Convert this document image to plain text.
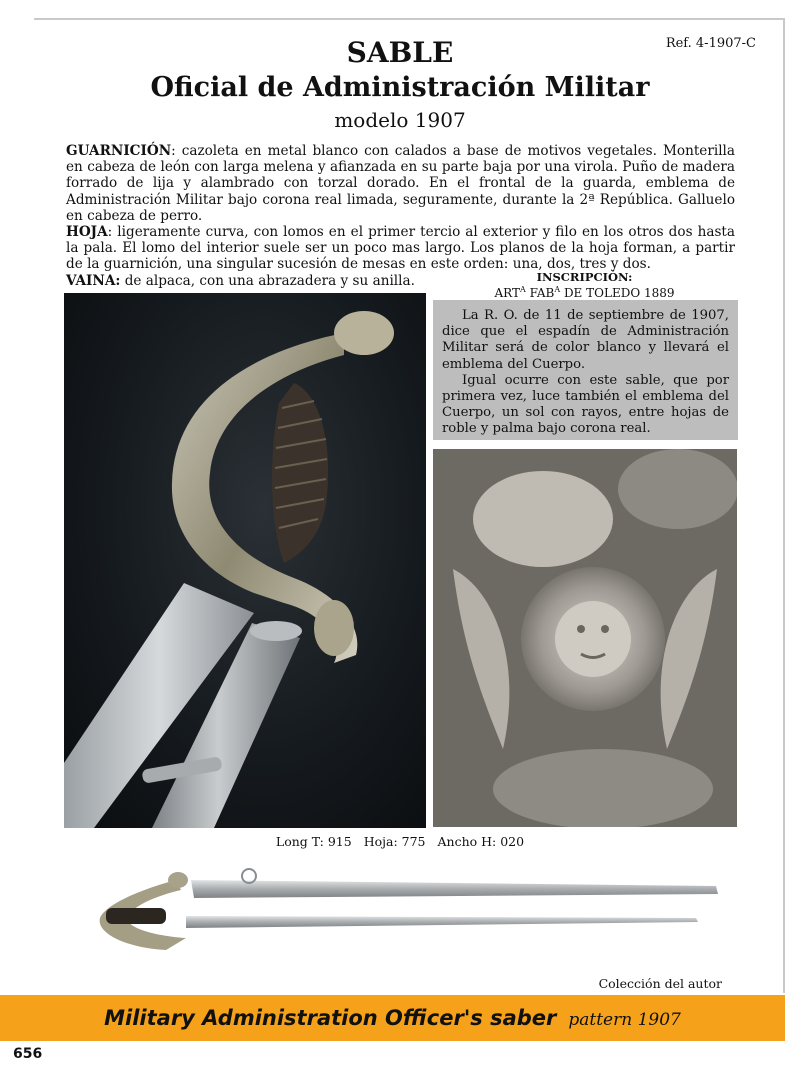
Ref. 4-1907-C
SABLE
Oficial de Administración Militar
modelo 1907

GUARNICIÓN: cazoleta en metal blanco con calados a base de motivos vegetales. Monterilla en cabeza de león con larga melena y afianzada en su parte baja por una virola. Puño de madera forrado de lija y alambrado con torzal dorado. En el frontal de la guarda, emblema de Administración Militar bajo corona real limada, seguramente, durante la 2ª República. Galluelo en cabeza de perro.

HOJA: ligeramente curva, con lomos en el primer tercio al exterior y filo en los otros dos hasta la pala. El lomo del interior suele ser un poco mas largo. Los planos de la hoja forman, a partir de la guarnición, una singular sucesión de mesas en este orden: una, dos, tres y dos.

VAINA: de alpaca, con una abrazadera y su anilla.	INSCRIPCIÓN:
$ART^A$ $FAB^A$ DE TOLEDO 1889

La R. O. de 11 de septiembre de 1907, dice que el espadín de Administración Militar será de color blanco y llevará el emblema del Cuerpo.

Igual ocurre con este sable, que por primera vez, luce también el emblema del Cuerpo, un sol con rayos, entre hojas de roble y palma bajo corona real.

Long T: 915 Hoja: 775 Ancho H: 020
Colección del autor
Military Administration Officer's saber pattern 1907
656
